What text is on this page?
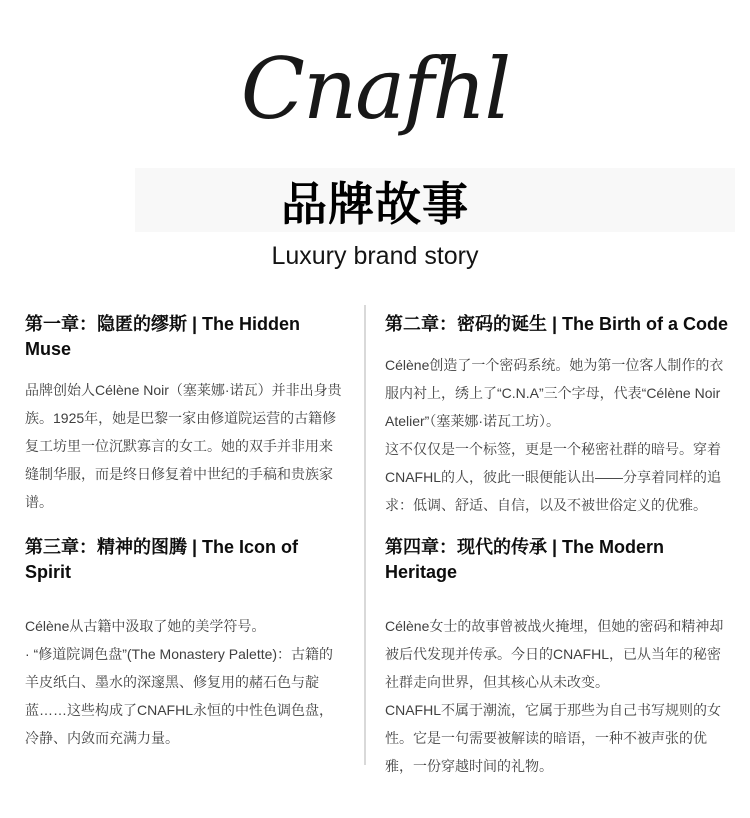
Cnafhl
品牌故事
Luxury brand story
第一章：隐匿的缪斯 | The Hidden Muse

品牌创始人Célène Noir（塞莱娜·诺瓦）并非出身贵族。1925年，她是巴黎一家由修道院运营的古籍修复工坊里一位沉默寡言的女工。她的双手并非用来缝制华服，而是终日修复着中世纪的手稿和贵族家谱。

第二章：密码的诞生 | The Birth of a Code

Célène创造了一个密码系统。她为第一位客人制作的衣服内衬上，绣上了“C.N.A”三个字母，代表“Célène Noir Atelier”（塞莱娜·诺瓦工坊）。

这不仅仅是一个标签，更是一个秘密社群的暗号。穿着CNAFHL的人，彼此一眼便能认出——分享着同样的追求：低调、舒适、自信，以及不被世俗定义的优雅。

第三章：精神的图腾 | The Icon of Spirit

Célène从古籍中汲取了她的美学符号。

· “修道院调色盘”(The Monastery Palette)：古籍的羊皮纸白、墨水的深邃黑、修复用的赭石色与靛蓝……这些构成了CNAFHL永恒的中性色调色盘，冷静、内敛而充满力量。

第四章：现代的传承 | The Modern Heritage

Célène女士的故事曾被战火掩埋，但她的密码和精神却被后代发现并传承。今日的CNAFHL，已从当年的秘密社群走向世界，但其核心从未改变。

CNAFHL不属于潮流，它属于那些为自己书写规则的女性。它是一句需要被解读的暗语，一种不被声张的优雅，一份穿越时间的礼物。
